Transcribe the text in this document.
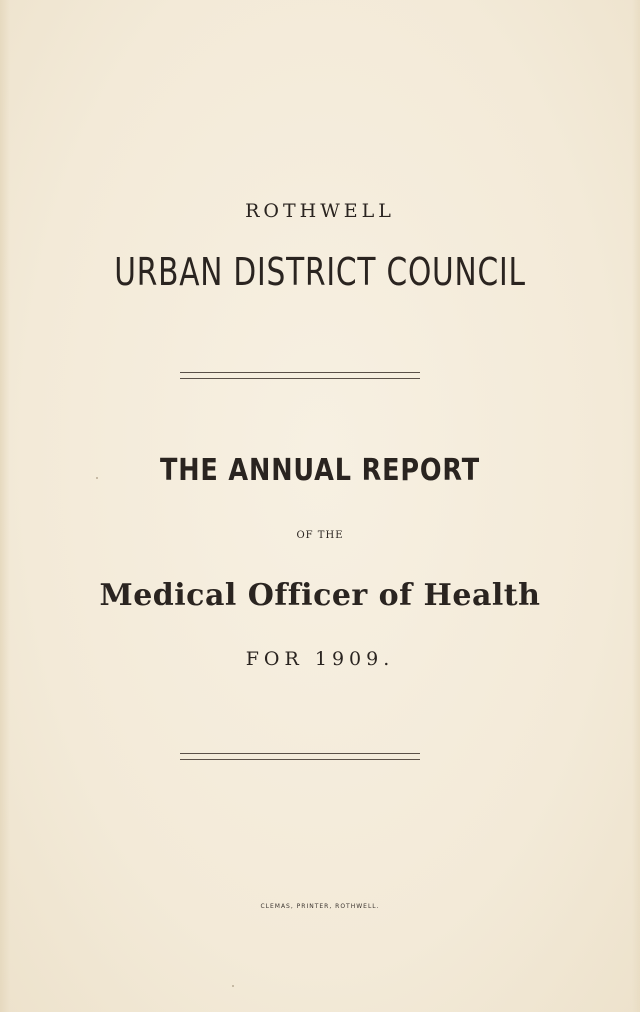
ROTHWELL
URBAN DISTRICT COUNCIL
THE ANNUAL REPORT
OF THE
Medical Officer of Health
FOR 1909.
CLEMAS, PRINTER, ROTHWELL.
